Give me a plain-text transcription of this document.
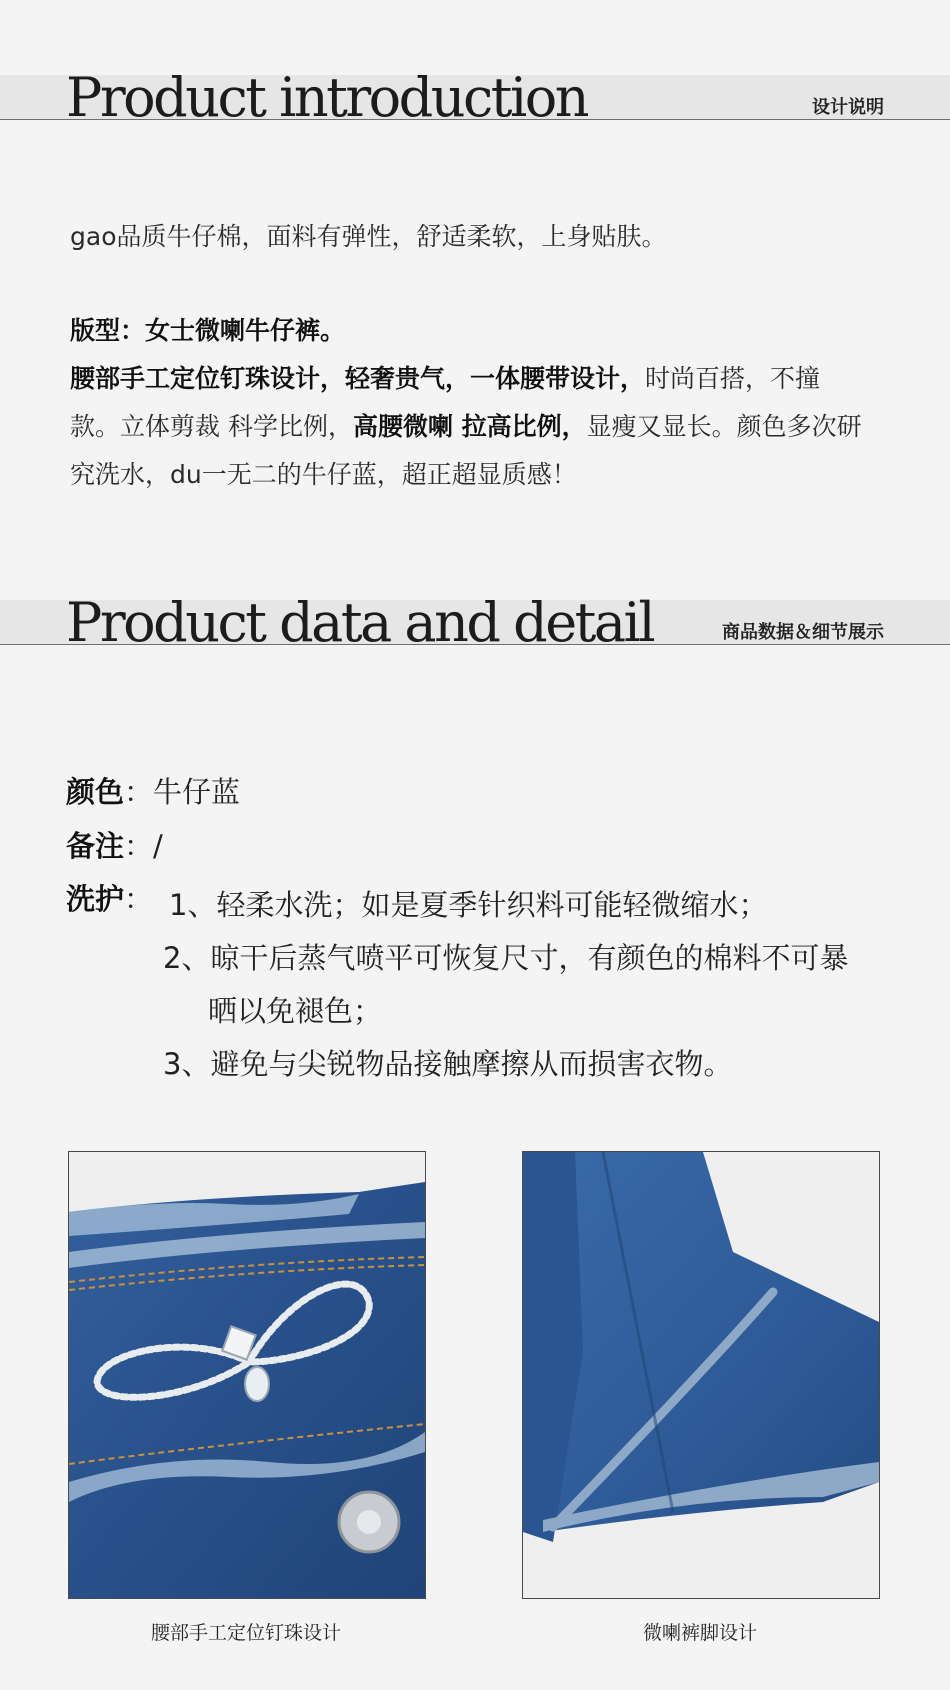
Product introduction	设计说明
gao品质牛仔棉，面料有弹性，舒适柔软，上身贴肤。
版型：女士微喇牛仔裤。
腰部手工定位钉珠设计，轻奢贵气，一体腰带设计，时尚百搭，不撞款。立体剪裁 科学比例，高腰微喇 拉高比例，显瘦又显长。颜色多次研究洗水，du一无二的牛仔蓝，超正超显质感！
Product data and detail	商品数据＆细节展示
颜色：牛仔蓝
备注：/
洗护： 1、轻柔水洗；如是夏季针织料可能轻微缩水；
2、晾干后蒸气喷平可恢复尺寸，有颜色的棉料不可暴
晒以免褪色；
3、避免与尖锐物品接触摩擦从而损害衣物。
腰部手工定位钉珠设计	微喇裤脚设计
